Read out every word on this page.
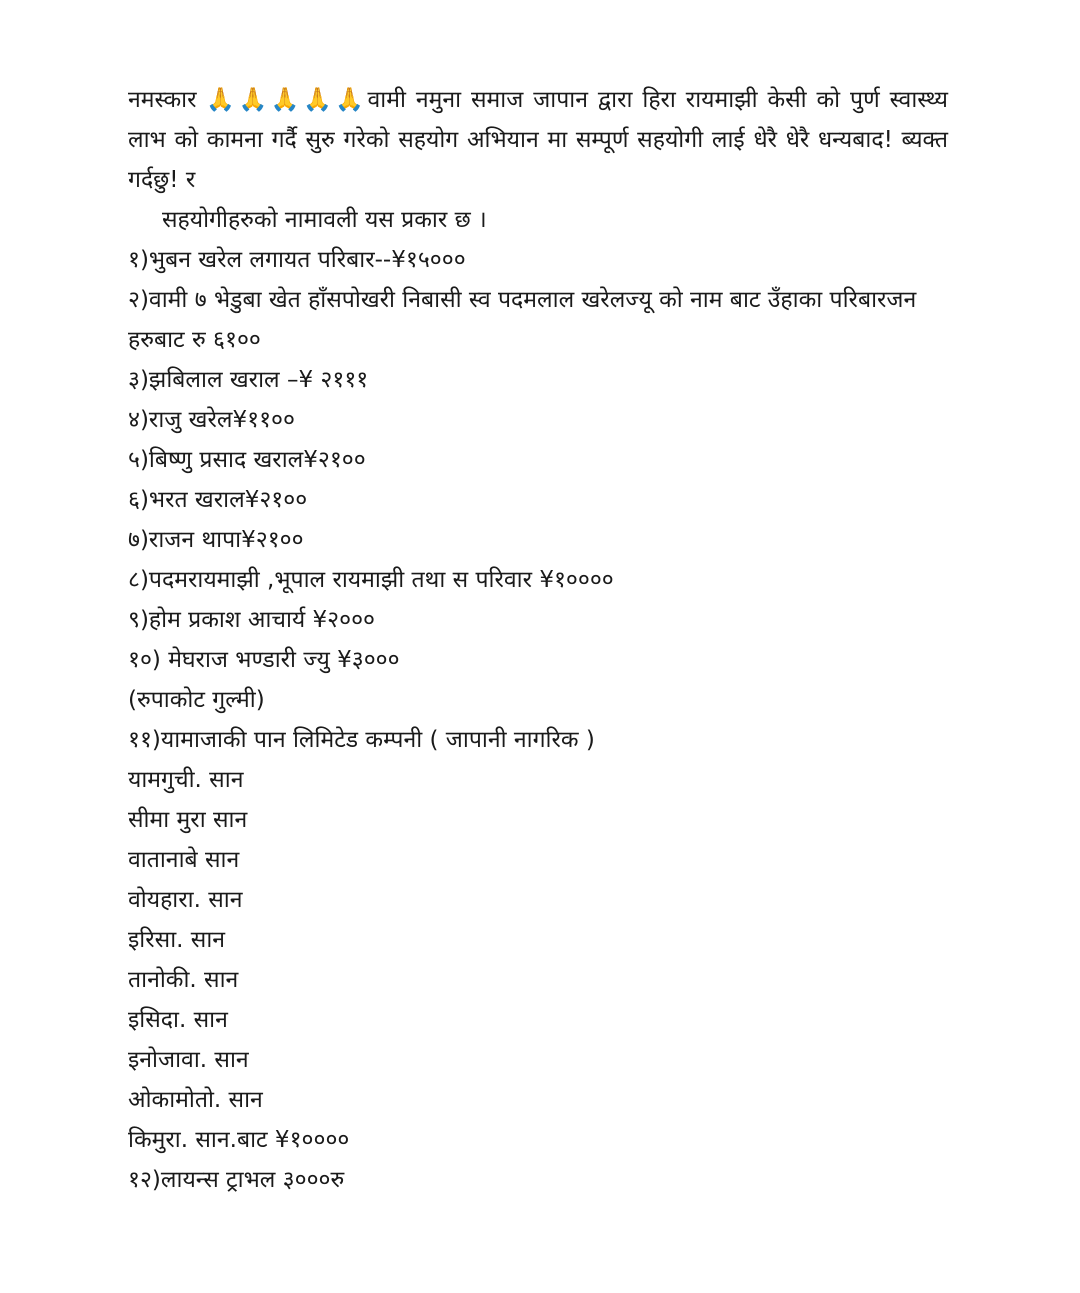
नमस्कार 🙏🙏🙏🙏🙏वामी नमुना समाज जापान द्वारा हिरा रायमाझी केसी को पुर्ण स्वास्थ्य लाभ को कामना गर्दै सुरु गरेको सहयोग अभियान मा सम्पूर्ण सहयोगी लाई धेरै धेरै धन्यबाद! ब्यक्त गर्दछु! र
सहयोगीहरुको नामावली यस प्रकार छ ।
१)भुबन खरेल लगायत परिबार--¥१५०००
२)वामी ७ भेडुबा खेत हाँसपोखरी निबासी स्व पदमलाल खरेलज्यू को नाम बाट उँहाका परिबारजन हरुबाट रु ६१००
३)झबिलाल खराल –¥ २१११
४)राजु खरेल¥११००
५)बिष्णु प्रसाद खराल¥२१००
६)भरत खराल¥२१००
७)राजन थापा¥२१००
८)पदमरायमाझी ,भूपाल रायमाझी तथा स परिवार ¥१००००
९)होम प्रकाश आचार्य ¥२०००
१०) मेघराज भण्डारी ज्यु ¥३०००
(रुपाकोट गुल्मी)
११)यामाजाकी पान लिमिटेड कम्पनी ( जापानी नागरिक )
यामगुची. सान
सीमा मुरा सान
वातानाबे सान
वोयहारा. सान
इरिसा. सान
तानोकी. सान
इसिदा. सान
इनोजावा. सान
ओकामोतो. सान
किमुरा. सान.बाट ¥१००००
१२)लायन्स ट्राभल ३०००रु
